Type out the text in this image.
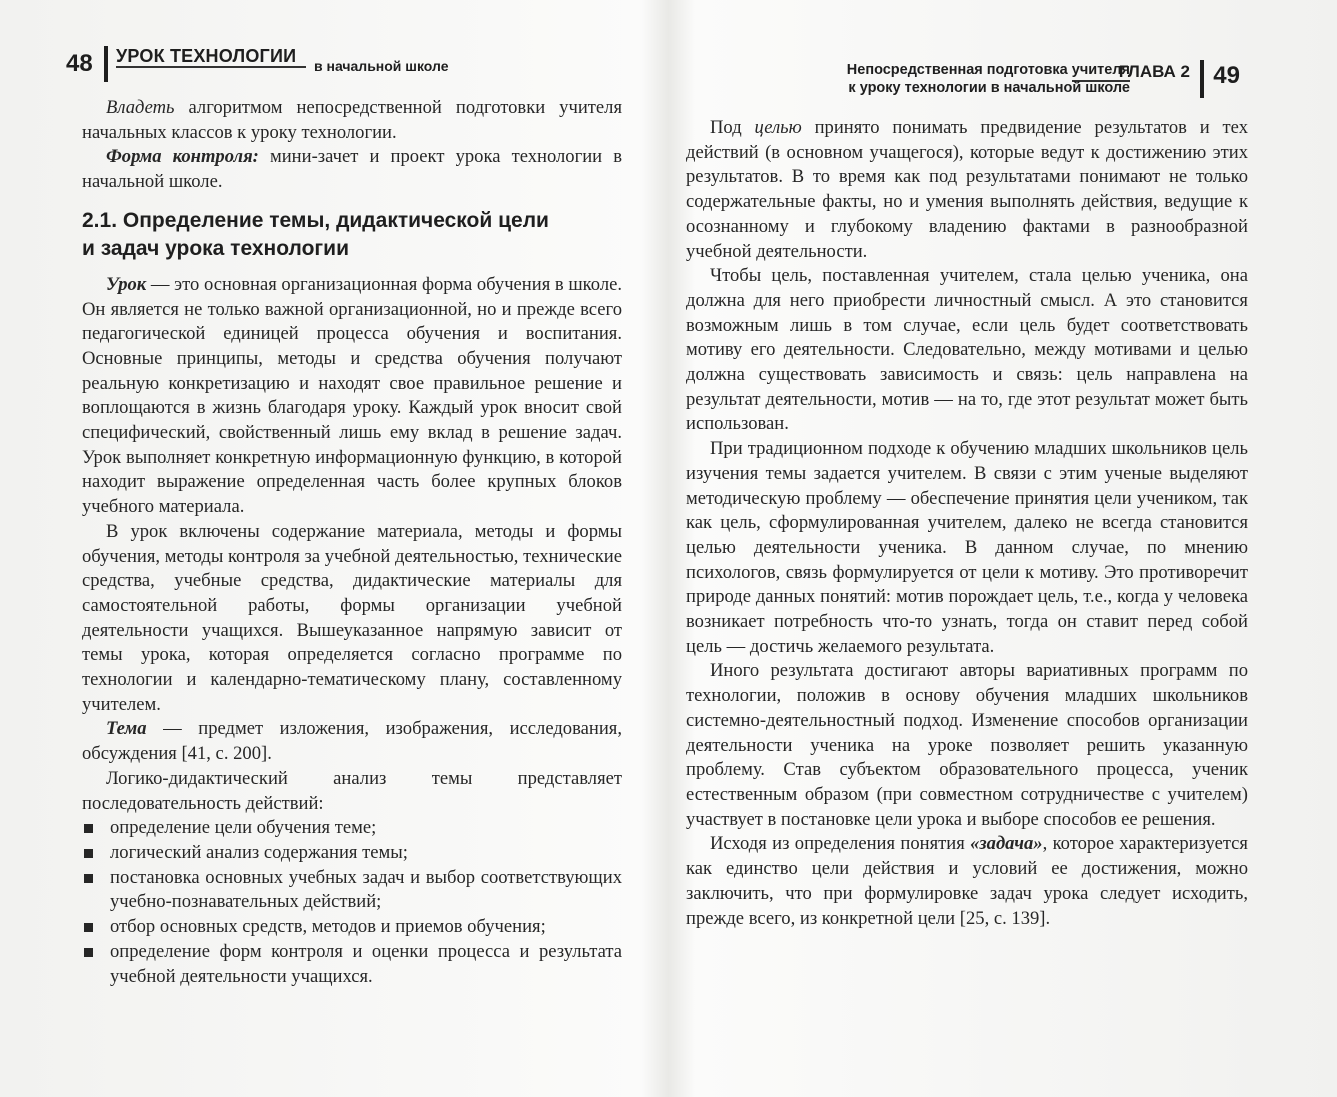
48 УРОК ТЕХНОЛОГИИ в начальной школе	Непосредственная подготовка учителя
к уроку технологии в начальной школе
ГЛАВА 2 49

Владеть алгоритмом непосредственной подготовки учителя начальных классов к уроку технологии.

Форма контроля: мини-зачет и проект урока технологии в начальной школе.

2.1. Определение темы, дидактической цели
и задач урока технологии

Урок — это основная организационная форма обучения в школе. Он является не только важной организационной, но и прежде всего педагогической единицей процесса обучения и воспитания. Основные принципы, методы и средства обучения получают реальную конкретизацию и находят свое правильное решение и воплощаются в жизнь благодаря уроку. Каждый урок вносит свой специфический, свойственный лишь ему вклад в решение задач. Урок выполняет конкретную информационную функцию, в которой находит выражение определенная часть более крупных блоков учебного материала.

В урок включены содержание материала, методы и формы обучения, методы контроля за учебной деятельностью, технические средства, учебные средства, дидактические материалы для самостоятельной работы, формы организации учебной деятельности учащихся. Вышеуказанное напрямую зависит от темы урока, которая определяется согласно программе по технологии и календарно-тематическому плану, составленному учителем.

Тема — предмет изложения, изображения, исследования, обсуждения [41, с. 200].

Логико-дидактический анализ темы представляет последовательность действий:

определение цели обучения теме;
логический анализ содержания темы;
постановка основных учебных задач и выбор соответствующих учебно-познавательных действий;
отбор основных средств, методов и приемов обучения;
определение форм контроля и оценки процесса и результата учебной деятельности учащихся.

Под целью принято понимать предвидение результатов и тех действий (в основном учащегося), которые ведут к достижению этих результатов. В то время как под результатами понимают не только содержательные факты, но и умения выполнять действия, ведущие к осознанному и глубокому владению фактами в разнообразной учебной деятельности.

Чтобы цель, поставленная учителем, стала целью ученика, она должна для него приобрести личностный смысл. А это становится возможным лишь в том случае, если цель будет соответствовать мотиву его деятельности. Следовательно, между мотивами и целью должна существовать зависимость и связь: цель направлена на результат деятельности, мотив — на то, где этот результат может быть использован.

При традиционном подходе к обучению младших школьников цель изучения темы задается учителем. В связи с этим ученые выделяют методическую проблему — обеспечение принятия цели учеником, так как цель, сформулированная учителем, далеко не всегда становится целью деятельности ученика. В данном случае, по мнению психологов, связь формулируется от цели к мотиву. Это противоречит природе данных понятий: мотив порождает цель, т.е., когда у человека возникает потребность что-то узнать, тогда он ставит перед собой цель — достичь желаемого результата.

Иного результата достигают авторы вариативных программ по технологии, положив в основу обучения младших школьников системно-деятельностный подход. Изменение способов организации деятельности ученика на уроке позволяет решить указанную проблему. Став субъектом образовательного процесса, ученик естественным образом (при совместном сотрудничестве с учителем) участвует в постановке цели урока и выборе способов ее решения.

Исходя из определения понятия «задача», которое характеризуется как единство цели действия и условий ее достижения, можно заключить, что при формулировке задач урока следует исходить, прежде всего, из конкретной цели [25, с. 139].
